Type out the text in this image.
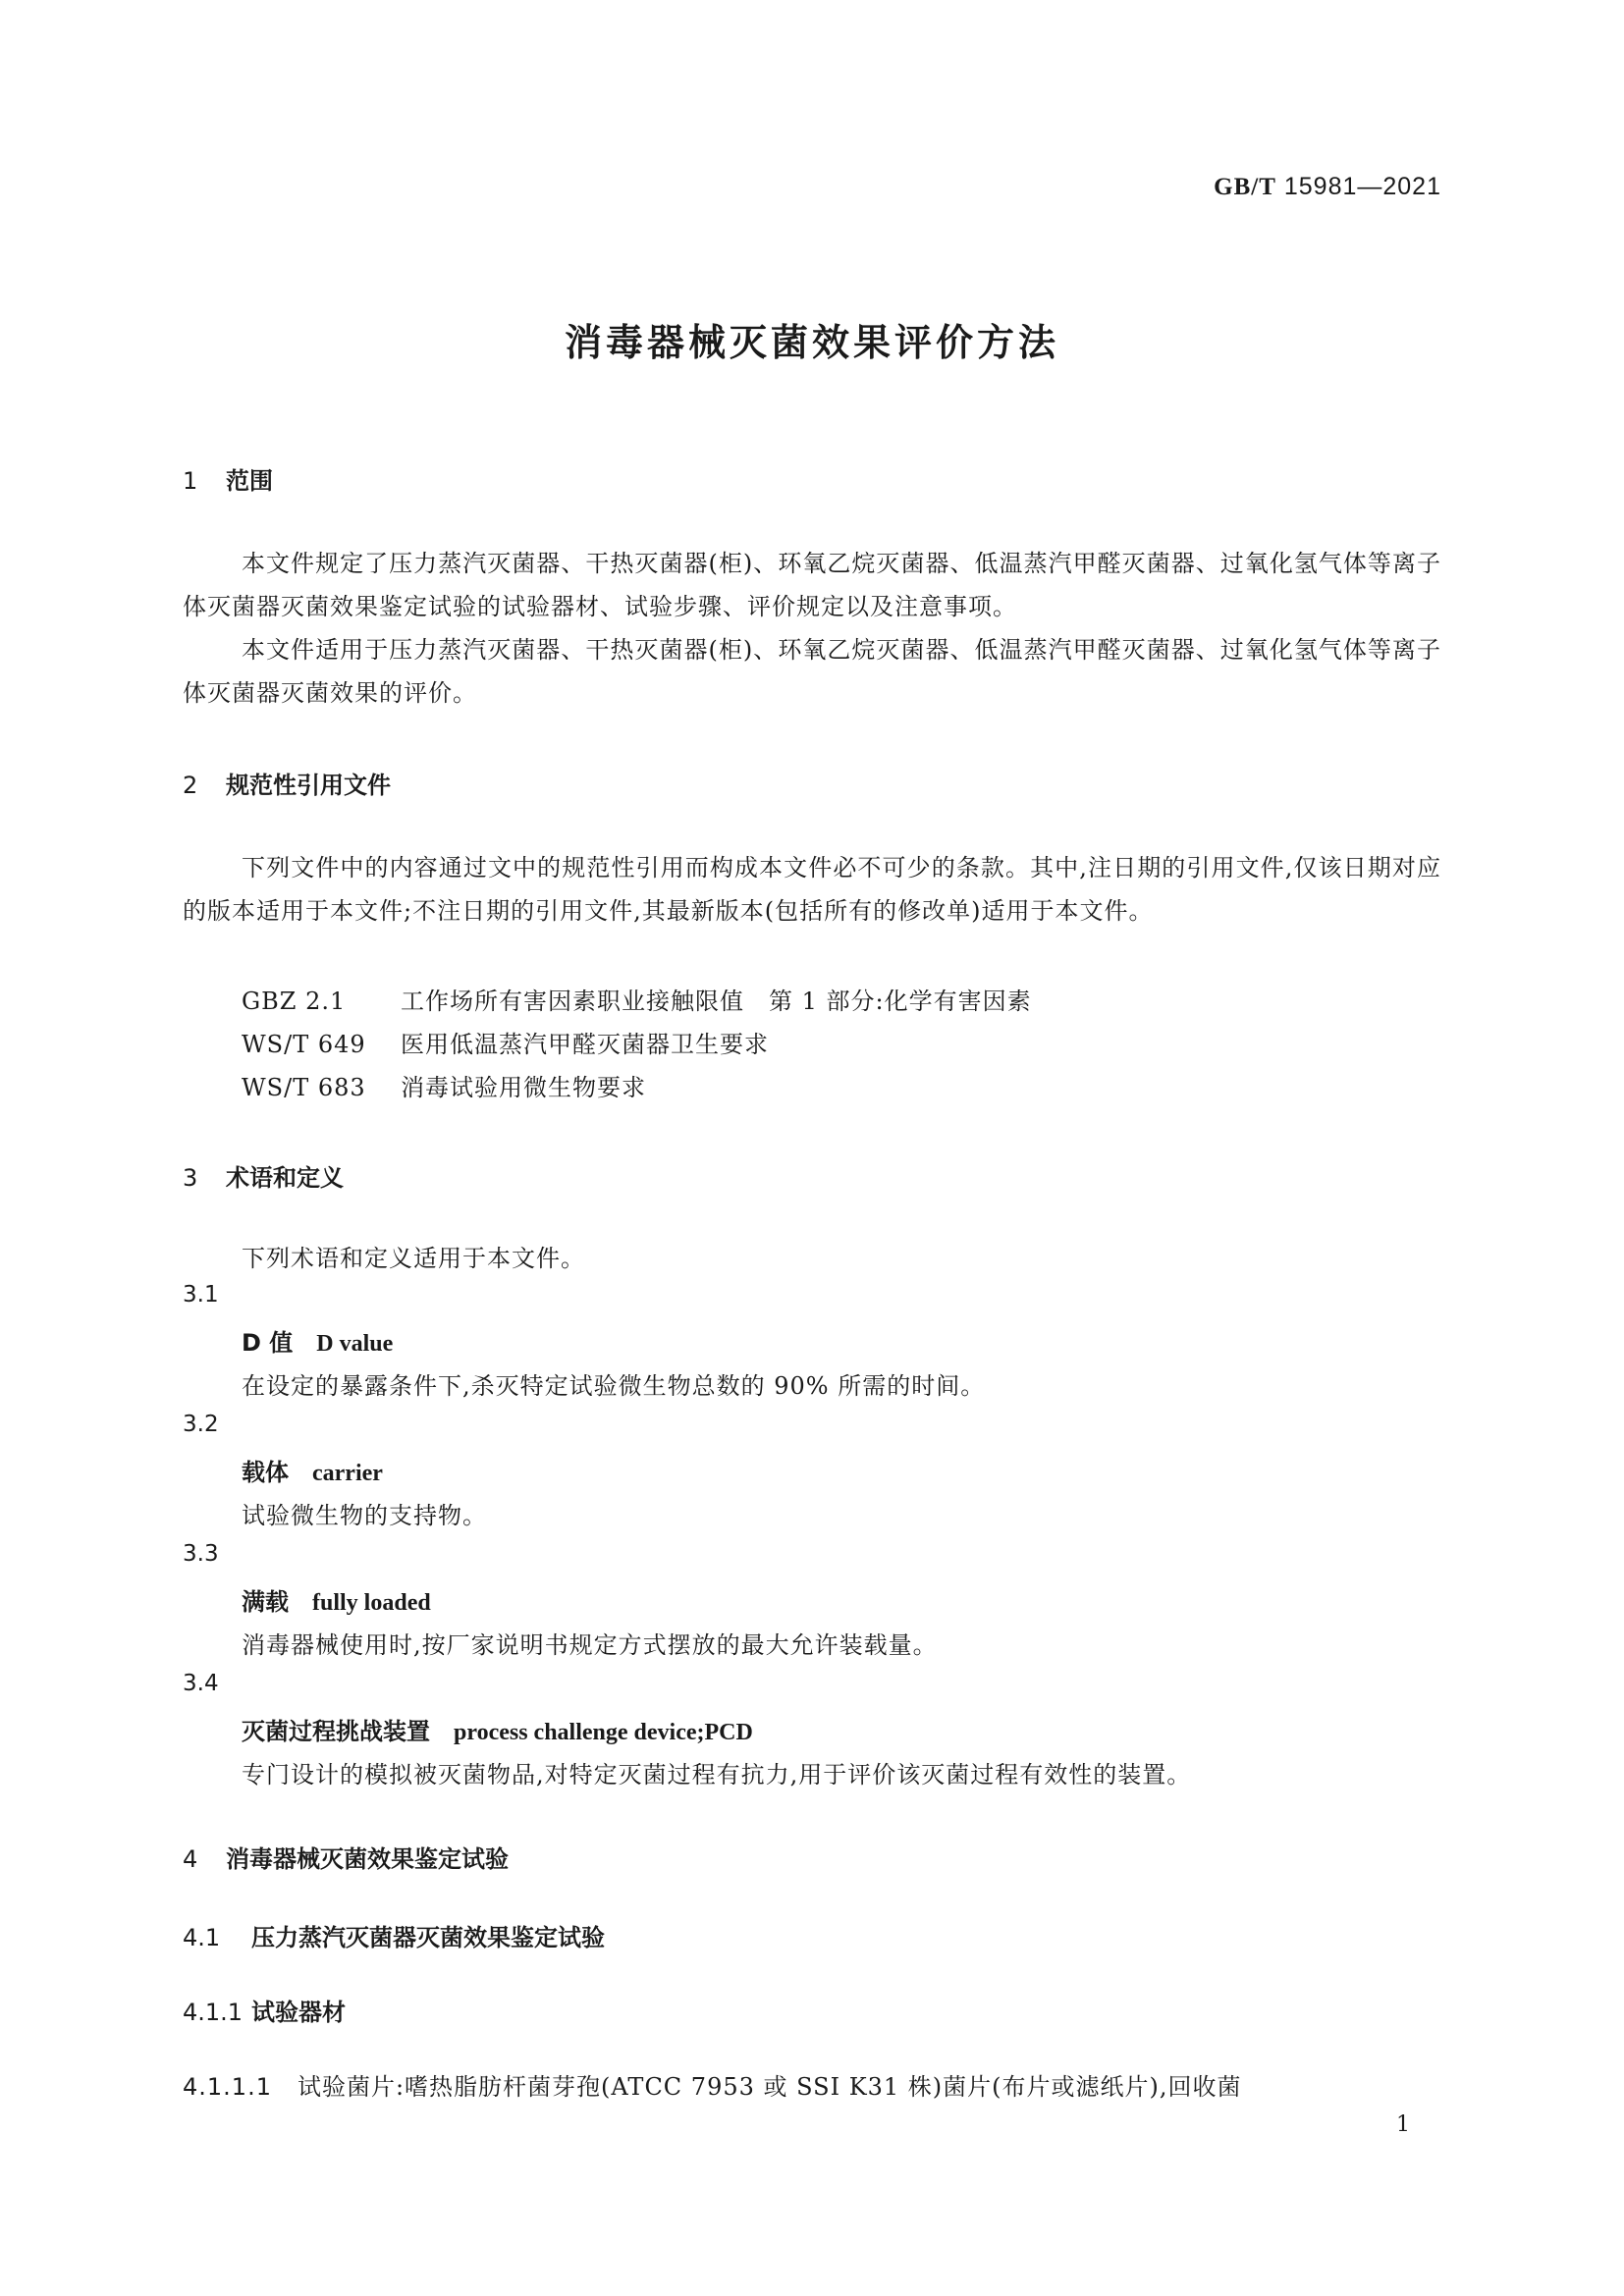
GB/T 15981—2021
消毒器械灭菌效果评价方法
1 范围
本文件规定了压力蒸汽灭菌器、干热灭菌器(柜)、环氧乙烷灭菌器、低温蒸汽甲醛灭菌器、过氧化氢气体等离子体灭菌器灭菌效果鉴定试验的试验器材、试验步骤、评价规定以及注意事项。
本文件适用于压力蒸汽灭菌器、干热灭菌器(柜)、环氧乙烷灭菌器、低温蒸汽甲醛灭菌器、过氧化氢气体等离子体灭菌器灭菌效果的评价。
2 规范性引用文件
下列文件中的内容通过文中的规范性引用而构成本文件必不可少的条款。其中,注日期的引用文件,仅该日期对应的版本适用于本文件;不注日期的引用文件,其最新版本(包括所有的修改单)适用于本文件。
GBZ 2.1 工作场所有害因素职业接触限值　第 1 部分:化学有害因素
WS/T 649 医用低温蒸汽甲醛灭菌器卫生要求
WS/T 683 消毒试验用微生物要求
3 术语和定义
下列术语和定义适用于本文件。
3.1
D 值 D value
在设定的暴露条件下,杀灭特定试验微生物总数的 90% 所需的时间。
3.2
载体 carrier
试验微生物的支持物。
3.3
满载 fully loaded
消毒器械使用时,按厂家说明书规定方式摆放的最大允许装载量。
3.4
灭菌过程挑战装置 process challenge device;PCD
专门设计的模拟被灭菌物品,对特定灭菌过程有抗力,用于评价该灭菌过程有效性的装置。
4 消毒器械灭菌效果鉴定试验
4.1 压力蒸汽灭菌器灭菌效果鉴定试验
4.1.1 试验器材
4.1.1.1 试验菌片:嗜热脂肪杆菌芽孢(ATCC 7953 或 SSI K31 株)菌片(布片或滤纸片),回收菌
1
